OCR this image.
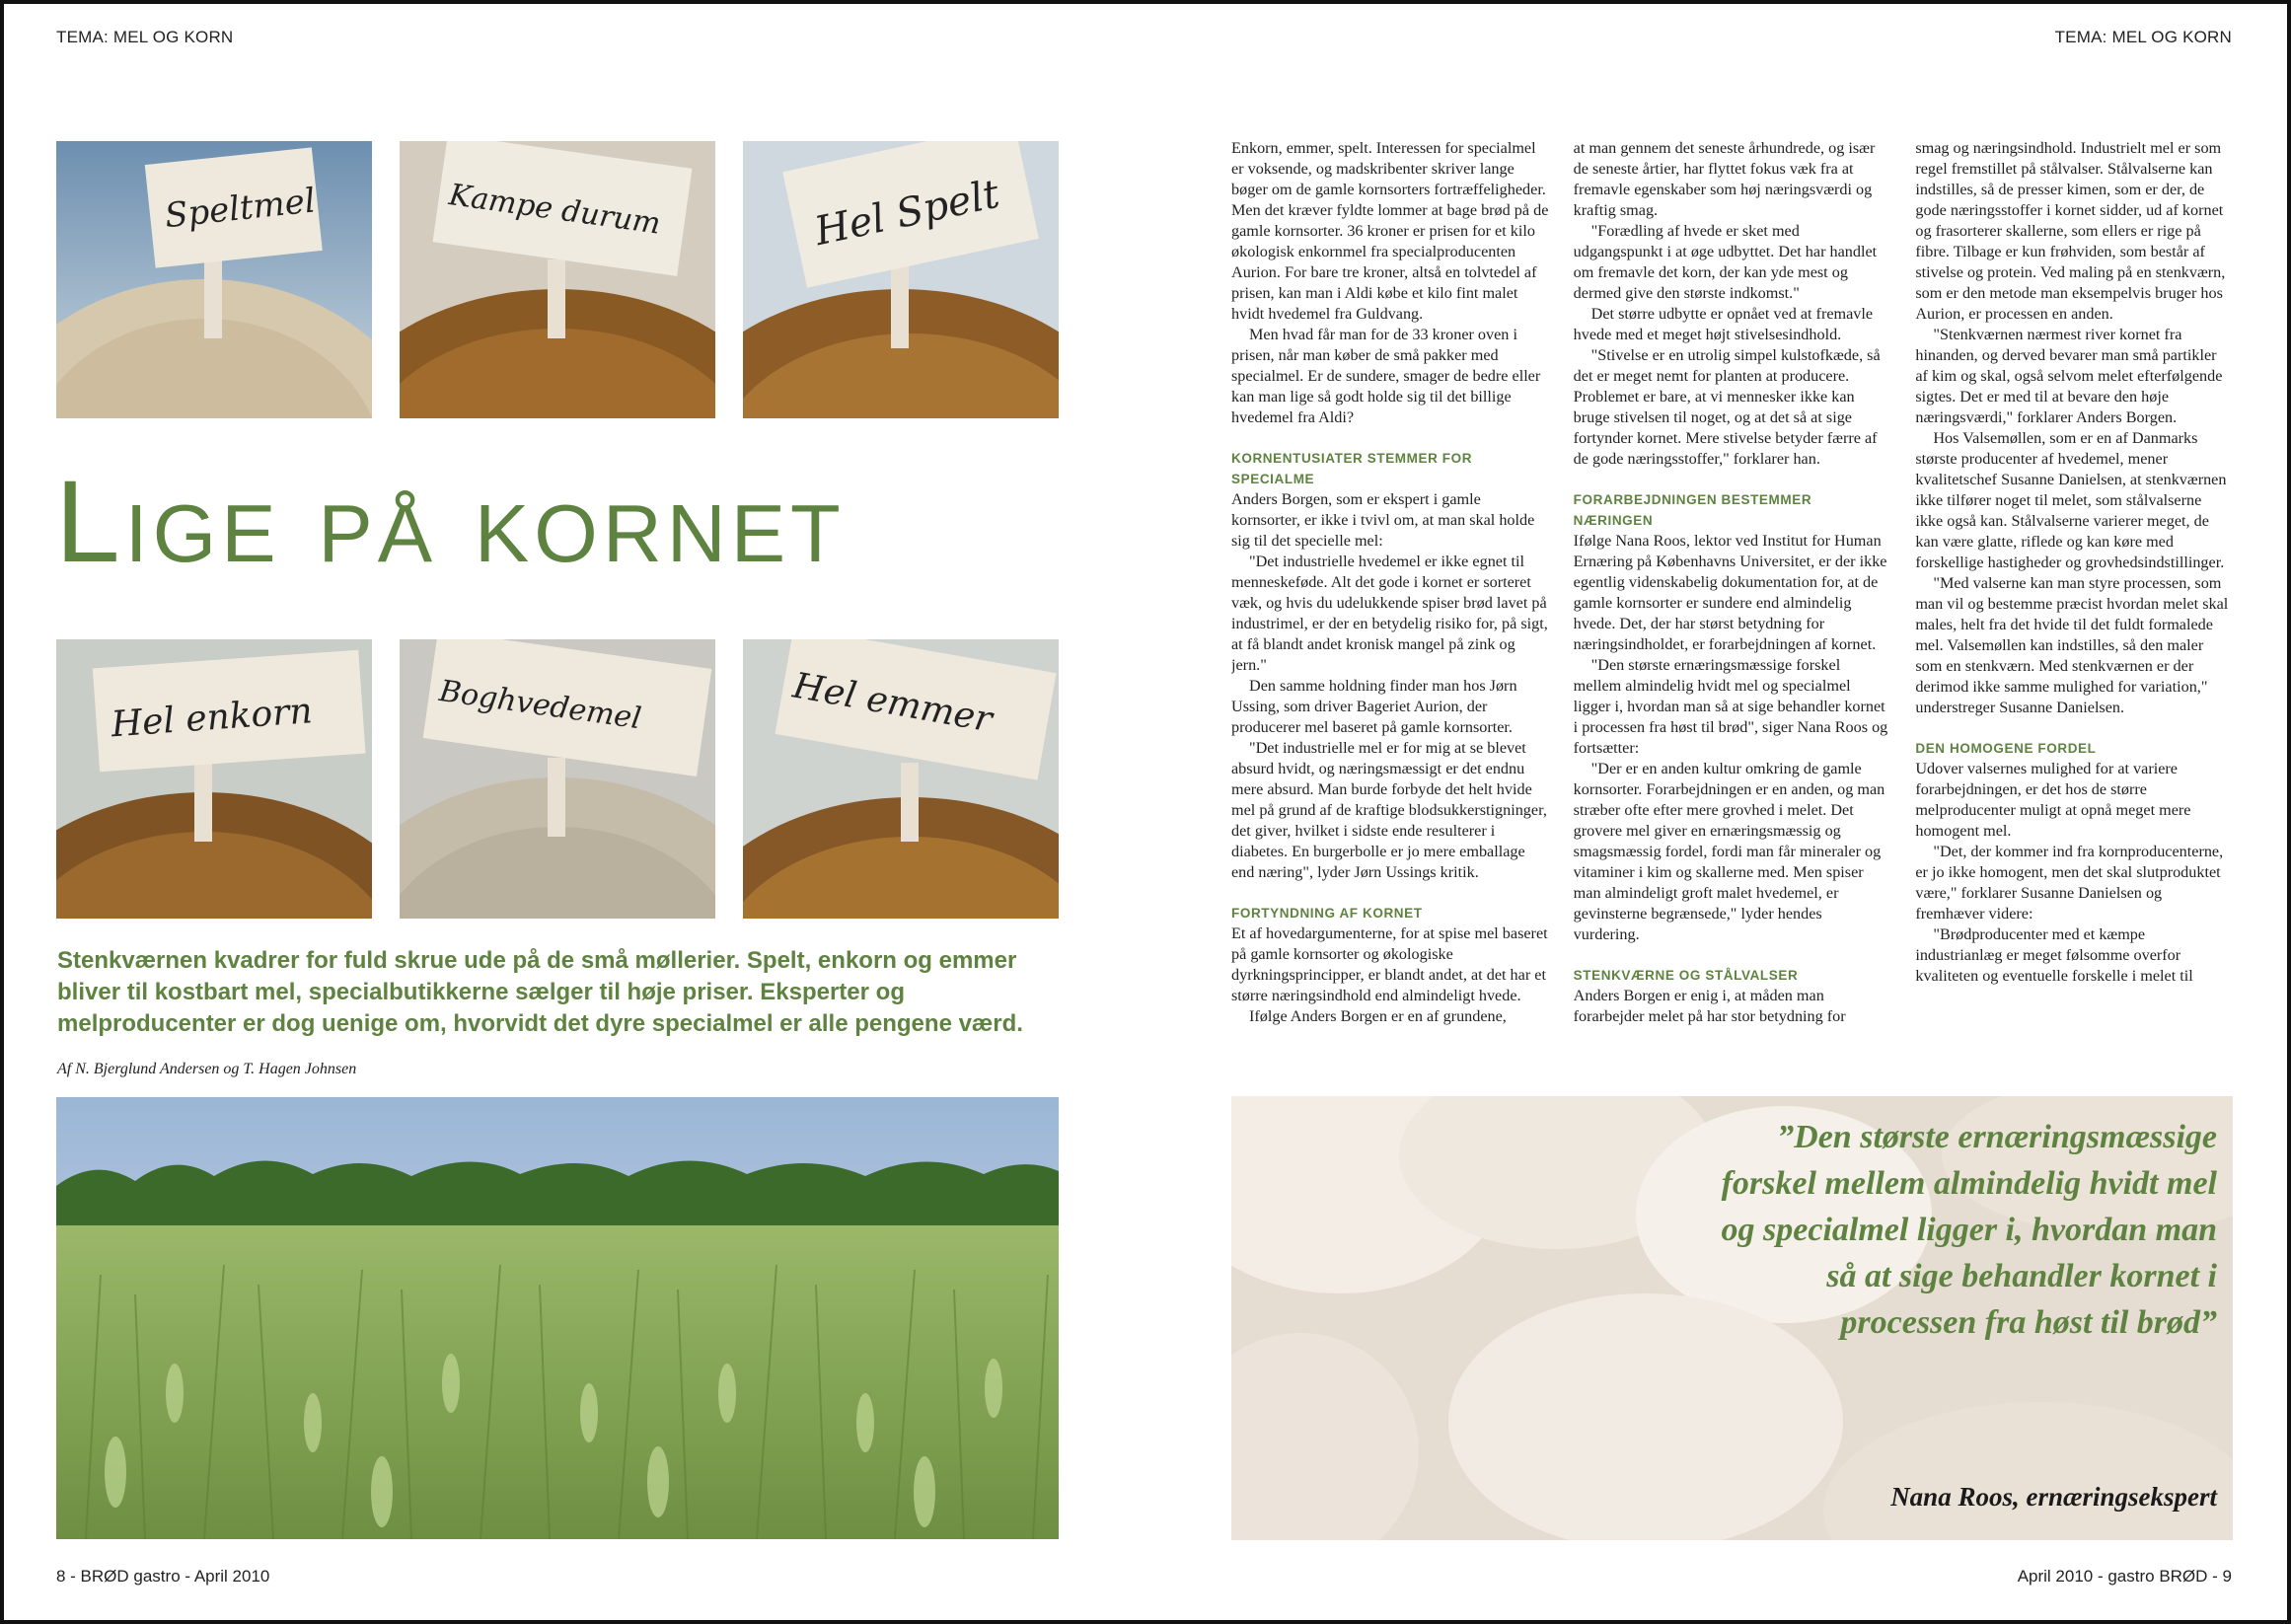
TEMA: MEL OG KORN	TEMA: MEL OG KORN
Speltmel	Kampe durum	Hel Spelt
Lige på kornet
Hel enkorn	Boghvedemel	Hel emmer
Stenkværnen kvadrer for fuld skrue ude på de små møllerier. Spelt, enkorn og emmer bliver til kostbart mel, specialbutikkerne sælger til høje priser. Eksperter og melproducenter er dog uenige om, hvorvidt det dyre specialmel er alle pengene værd.
Af N. Bjerglund Andersen og T. Hagen Johnsen

Enkorn, emmer, spelt. Interessen for specialmel er voksende, og madskribenter skriver lange bøger om de gamle kornsorters fortræffeligheder. Men det kræver fyldte lommer at bage brød på de gamle kornsorter. 36 kroner er prisen for et kilo økologisk enkornmel fra specialproducenten Aurion. For bare tre kroner, altså en tolvtedel af prisen, kan man i Aldi købe et kilo fint malet hvidt hvedemel fra Guldvang.

Men hvad får man for de 33 kroner oven i prisen, når man køber de små pakker med specialmel. Er de sundere, smager de bedre eller kan man lige så godt holde sig til det billige hvedemel fra Aldi?

KORNENTUSIATER STEMMER FOR SPECIALME

Anders Borgen, som er ekspert i gamle kornsorter, er ikke i tvivl om, at man skal holde sig til det specielle mel:

"Det industrielle hvedemel er ikke egnet til menneskeføde. Alt det gode i kornet er sorteret væk, og hvis du udelukkende spiser brød lavet på industrimel, er der en betydelig risiko for, på sigt, at få blandt andet kronisk mangel på zink og jern."

Den samme holdning finder man hos Jørn Ussing, som driver Bageriet Aurion, der producerer mel baseret på gamle kornsorter.

"Det industrielle mel er for mig at se blevet absurd hvidt, og næringsmæssigt er det endnu mere absurd. Man burde forbyde det helt hvide mel på grund af de kraftige blodsukkerstigninger, det giver, hvilket i sidste ende resulterer i diabetes. En burgerbolle er jo mere emballage end næring", lyder Jørn Ussings kritik.

FORTYNDNING AF KORNET

Et af hovedargumenterne, for at spise mel baseret på gamle kornsorter og økologiske dyrkningsprincipper, er blandt andet, at det har et større næringsindhold end almindeligt hvede.

Ifølge Anders Borgen er en af grundene,

at man gennem det seneste århundrede, og især de seneste årtier, har flyttet fokus væk fra at fremavle egenskaber som høj næringsværdi og kraftig smag.

"Forædling af hvede er sket med udgangspunkt i at øge udbyttet. Det har handlet om fremavle det korn, der kan yde mest og dermed give den største indkomst."

Det større udbytte er opnået ved at fremavle hvede med et meget højt stivelsesindhold.

"Stivelse er en utrolig simpel kulstofkæde, så det er meget nemt for planten at producere. Problemet er bare, at vi mennesker ikke kan bruge stivelsen til noget, og at det så at sige fortynder kornet. Mere stivelse betyder færre af de gode næringsstoffer," forklarer han.

FORARBEJDNINGEN BESTEMMER NÆRINGEN

Ifølge Nana Roos, lektor ved Institut for Human Ernæring på Københavns Universitet, er der ikke egentlig videnskabelig dokumentation for, at de gamle kornsorter er sundere end almindelig hvede. Det, der har størst betydning for næringsindholdet, er forarbejdningen af kornet.

"Den største ernæringsmæssige forskel mellem almindelig hvidt mel og specialmel ligger i, hvordan man så at sige behandler kornet i processen fra høst til brød", siger Nana Roos og fortsætter:

"Der er en anden kultur omkring de gamle kornsorter. Forarbejdningen er en anden, og man stræber ofte efter mere grovhed i melet. Det grovere mel giver en ernæringsmæssig og smagsmæssig fordel, fordi man får mineraler og vitaminer i kim og skallerne med. Men spiser man almindeligt groft malet hvedemel, er gevinsterne begrænsede," lyder hendes vurdering.

STENKVÆRNE OG STÅLVALSER

Anders Borgen er enig i, at måden man forarbejder melet på har stor betydning for

smag og næringsindhold. Industrielt mel er som regel fremstillet på stålvalser. Stålvalserne kan indstilles, så de presser kimen, som er der, de gode næringsstoffer i kornet sidder, ud af kornet og frasorterer skallerne, som ellers er rige på fibre. Tilbage er kun frøhviden, som består af stivelse og protein. Ved maling på en stenkværn, som er den metode man eksempelvis bruger hos Aurion, er processen en anden.

"Stenkværnen nærmest river kornet fra hinanden, og derved bevarer man små partikler af kim og skal, også selvom melet efterfølgende sigtes. Det er med til at bevare den høje næringsværdi," forklarer Anders Borgen.

Hos Valsemøllen, som er en af Danmarks største producenter af hvedemel, mener kvalitetschef Susanne Danielsen, at stenkværnen ikke tilfører noget til melet, som stålvalserne ikke også kan. Stålvalserne varierer meget, de kan være glatte, riflede og kan køre med forskellige hastigheder og grovhedsindstillinger.

"Med valserne kan man styre processen, som man vil og bestemme præcist hvordan melet skal males, helt fra det hvide til det fuldt formalede mel. Valsemøllen kan indstilles, så den maler som en stenkværn. Med stenkværnen er der derimod ikke samme mulighed for variation," understreger Susanne Danielsen.

DEN HOMOGENE FORDEL

Udover valsernes mulighed for at variere forarbejdningen, er det hos de større melproducenter muligt at opnå meget mere homogent mel.

"Det, der kommer ind fra kornproducenterne, er jo ikke homogent, men det skal slutproduktet være," forklarer Susanne Danielsen og fremhæver videre:

"Brødproducenter med et kæmpe industrianlæg er meget følsomme overfor kvaliteten og eventuelle forskelle i melet til

”Den største ernæringsmæssige forskel mellem almindelig hvidt mel og specialmel ligger i, hvordan man så at sige behandler kornet i processen fra høst til brød”
Nana Roos, ernæringsekspert
8 - BRØD gastro - April 2010	April 2010 - gastro BRØD - 9
